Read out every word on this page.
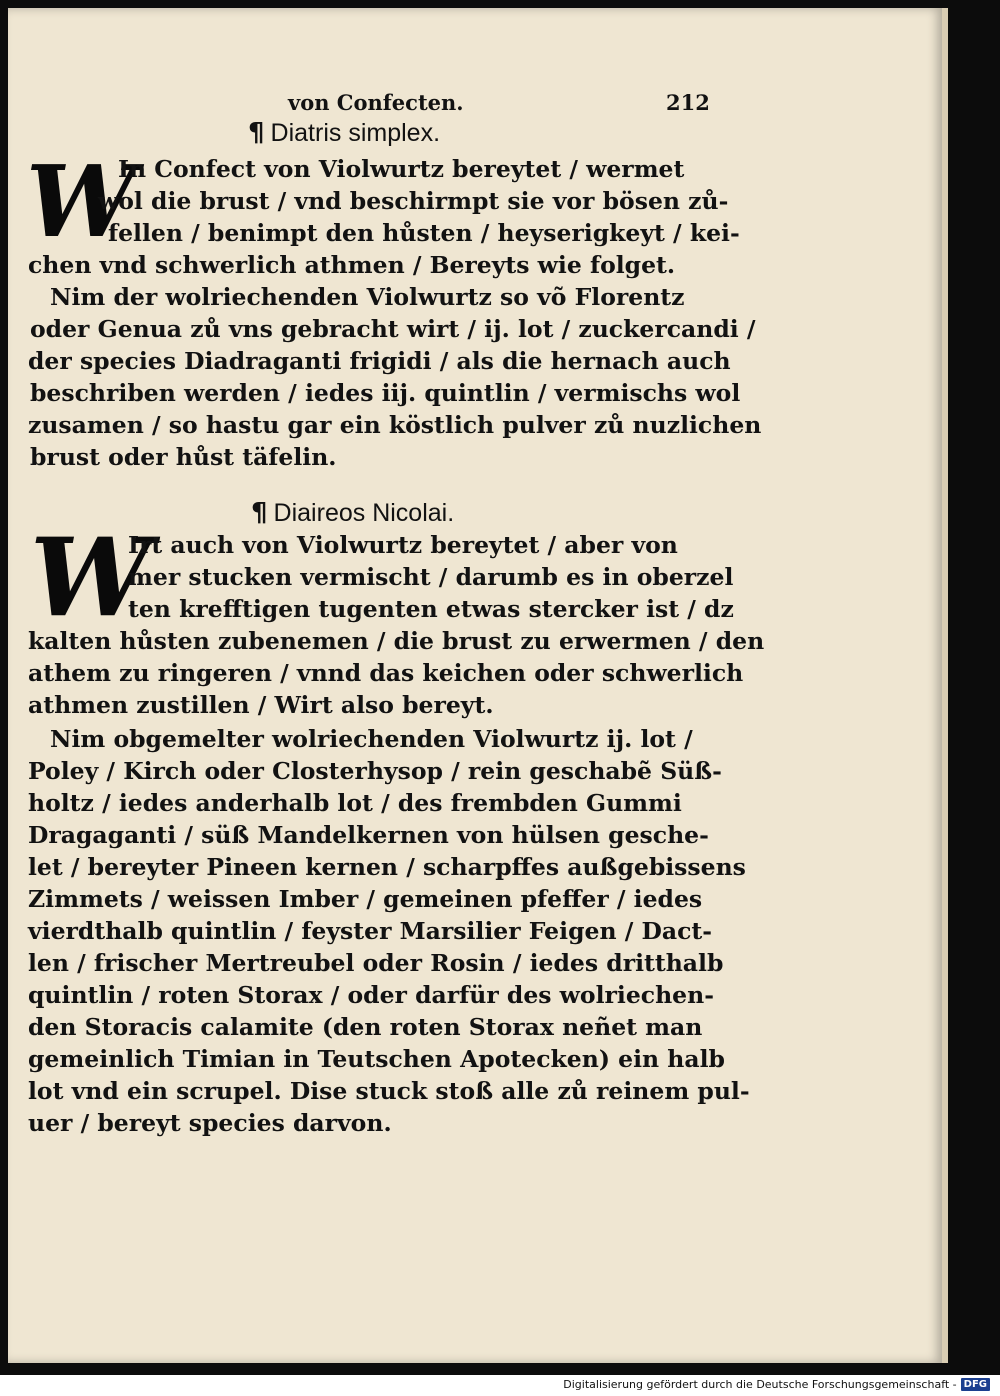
von Confecten.	212
¶ Diatris simplex.
W
In Confect von Violwurtz bereytet / wermet
wol die brust / vnd beschirmpt sie vor bösen zů-
fellen / benimpt den hůsten / heyserigkeyt / kei-
chen vnd schwerlich athmen / Bereyts wie folget.
Nim der wolriechenden Violwurtz so võ Florentz
oder Genua zů vns gebracht wirt / ij. lot / zuckercandi /
der species Diadraganti frigidi / als die hernach auch
beschriben werden / iedes iij. quintlin / vermischs wol
zusamen / so hastu gar ein köstlich pulver zů nuzlichen
brust oder hůst täfelin.
¶ Diaireos Nicolai.
W
Irt auch von Violwurtz bereytet / aber von
mer stucken vermischt / darumb es in oberzel
ten krefftigen tugenten etwas stercker ist / dz
kalten hůsten zubenemen / die brust zu erwermen / den
athem zu ringeren / vnnd das keichen oder schwerlich
athmen zustillen / Wirt also bereyt.
Nim obgemelter wolriechenden Violwurtz ij. lot /
Poley / Kirch oder Closterhysop / rein geschabẽ Süß-
holtz / iedes anderhalb lot / des frembden Gummi
Dragaganti / süß Mandelkernen von hülsen gesche-
let / bereyter Pineen kernen / scharpffes außgebissens
Zimmets / weissen Imber / gemeinen pfeffer / iedes
vierdthalb quintlin / feyster Marsilier Feigen / Dact-
len / frischer Mertreubel oder Rosin / iedes dritthalb
quintlin / roten Storax / oder darfür des wolriechen-
den Storacis calamite (den roten Storax neñet man
gemeinlich Timian in Teutschen Apotecken) ein halb
lot vnd ein scrupel. Dise stuck stoß alle zů reinem pul-
uer / bereyt species darvon.
Digitalisierung gefördert durch die Deutsche Forschungsgemeinschaft - DFG
